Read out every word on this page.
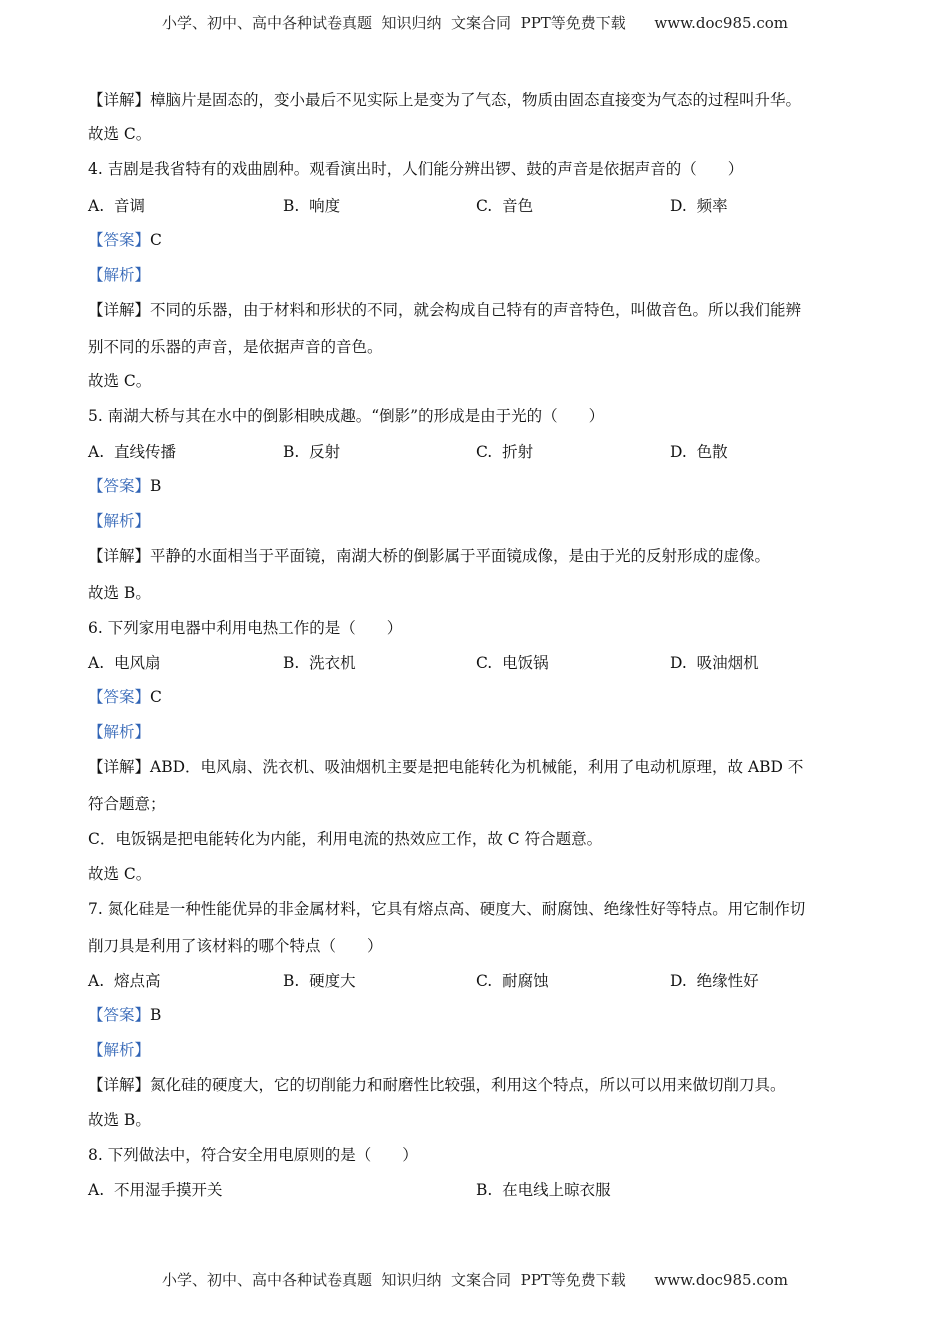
小学、初中、高中各种试卷真题  知识归纳  文案合同  PPT等免费下载      www.doc985.com
【详解】樟脑片是固态的，变小最后不见实际上是变为了气态，物质由固态直接变为气态的过程叫升华。
故选 C。
4. 吉剧是我省特有的戏曲剧种。观看演出时，人们能分辨出锣、鼓的声音是依据声音的（　　）
A.  音调	B.  响度	C.  音色	D.  频率
【答案】C
【解析】
【详解】不同的乐器，由于材料和形状的不同，就会构成自己特有的声音特色，叫做音色。所以我们能辨
别不同的乐器的声音，是依据声音的音色。
故选 C。
5. 南湖大桥与其在水中的倒影相映成趣。“倒影”的形成是由于光的（　　）
A.  直线传播	B.  反射	C.  折射	D.  色散
【答案】B
【解析】
【详解】平静的水面相当于平面镜，南湖大桥的倒影属于平面镜成像，是由于光的反射形成的虚像。
故选 B。
6. 下列家用电器中利用电热工作的是（　　）
A.  电风扇	B.  洗衣机	C.  电饭锅	D.  吸油烟机
【答案】C
【解析】
【详解】ABD．电风扇、洗衣机、吸油烟机主要是把电能转化为机械能，利用了电动机原理，故 ABD 不
符合题意；
C．电饭锅是把电能转化为内能，利用电流的热效应工作，故 C 符合题意。
故选 C。
7. 氮化硅是一种性能优异的非金属材料，它具有熔点高、硬度大、耐腐蚀、绝缘性好等特点。用它制作切
削刀具是利用了该材料的哪个特点（　　）
A.  熔点高	B.  硬度大	C.  耐腐蚀	D.  绝缘性好
【答案】B
【解析】
【详解】氮化硅的硬度大，它的切削能力和耐磨性比较强，利用这个特点，所以可以用来做切削刀具。
故选 B。
8. 下列做法中，符合安全用电原则的是（　　）
A.  不用湿手摸开关	B.  在电线上晾衣服
小学、初中、高中各种试卷真题  知识归纳  文案合同  PPT等免费下载      www.doc985.com
